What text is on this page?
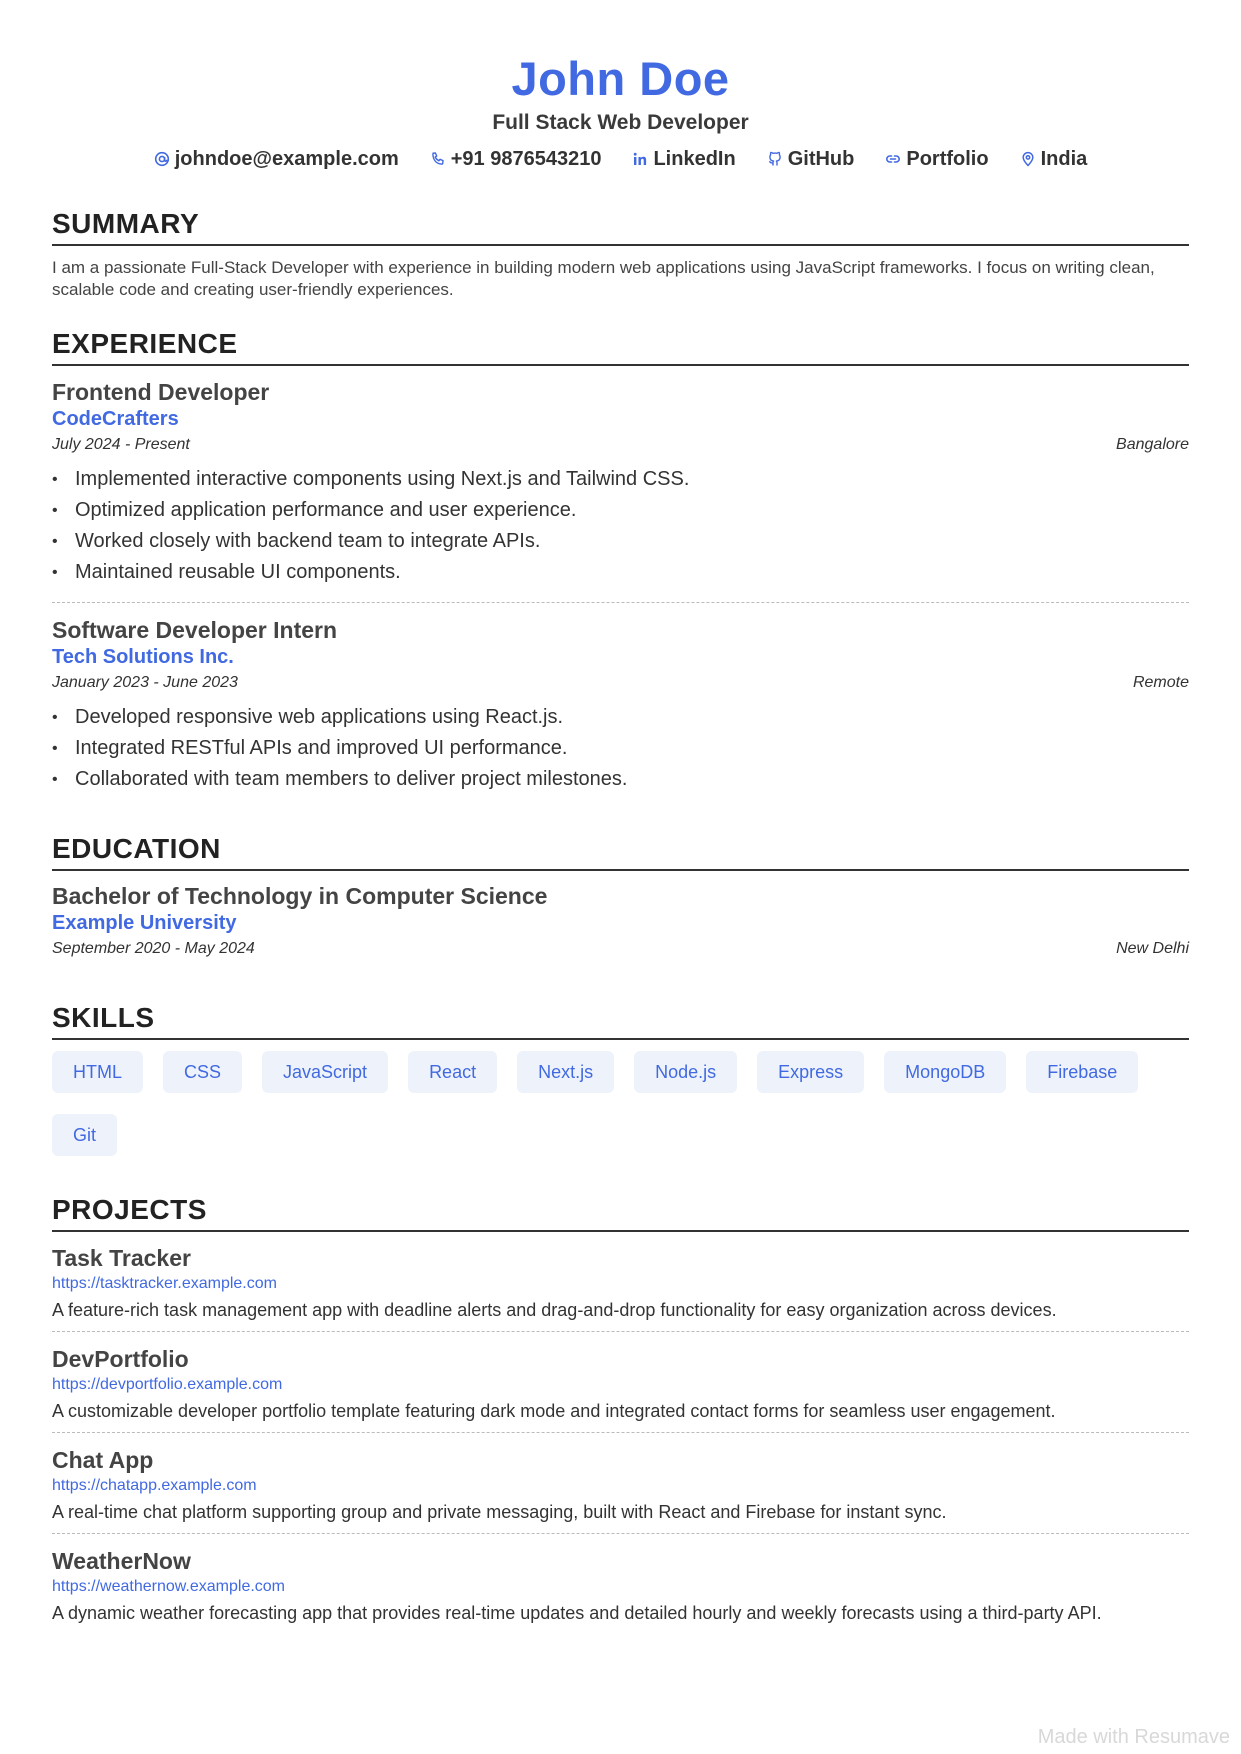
John Doe
Full Stack Web Developer
johndoe@example.com	+91 9876543210	LinkedIn	GitHub	Portfolio	India
SUMMARY
I am a passionate Full-Stack Developer with experience in building modern web applications using JavaScript frameworks. I focus on writing clean, scalable code and creating user-friendly experiences.
EXPERIENCE
Frontend Developer
CodeCrafters
July 2024 - Present	Bangalore
• Implemented interactive components using Next.js and Tailwind CSS.
• Optimized application performance and user experience.
• Worked closely with backend team to integrate APIs.
• Maintained reusable UI components.
Software Developer Intern
Tech Solutions Inc.
January 2023 - June 2023	Remote
• Developed responsive web applications using React.js.
• Integrated RESTful APIs and improved UI performance.
• Collaborated with team members to deliver project milestones.
EDUCATION
Bachelor of Technology in Computer Science
Example University
September 2020 - May 2024	New Delhi
SKILLS
HTML	CSS	JavaScript	React	Next.js	Node.js	Express	MongoDB	Firebase
Git
PROJECTS
Task Tracker
https://tasktracker.example.com
A feature-rich task management app with deadline alerts and drag-and-drop functionality for easy organization across devices.
DevPortfolio
https://devportfolio.example.com
A customizable developer portfolio template featuring dark mode and integrated contact forms for seamless user engagement.
Chat App
https://chatapp.example.com
A real-time chat platform supporting group and private messaging, built with React and Firebase for instant sync.
WeatherNow
https://weathernow.example.com
A dynamic weather forecasting app that provides real-time updates and detailed hourly and weekly forecasts using a third-party API.
Made with Resumave
